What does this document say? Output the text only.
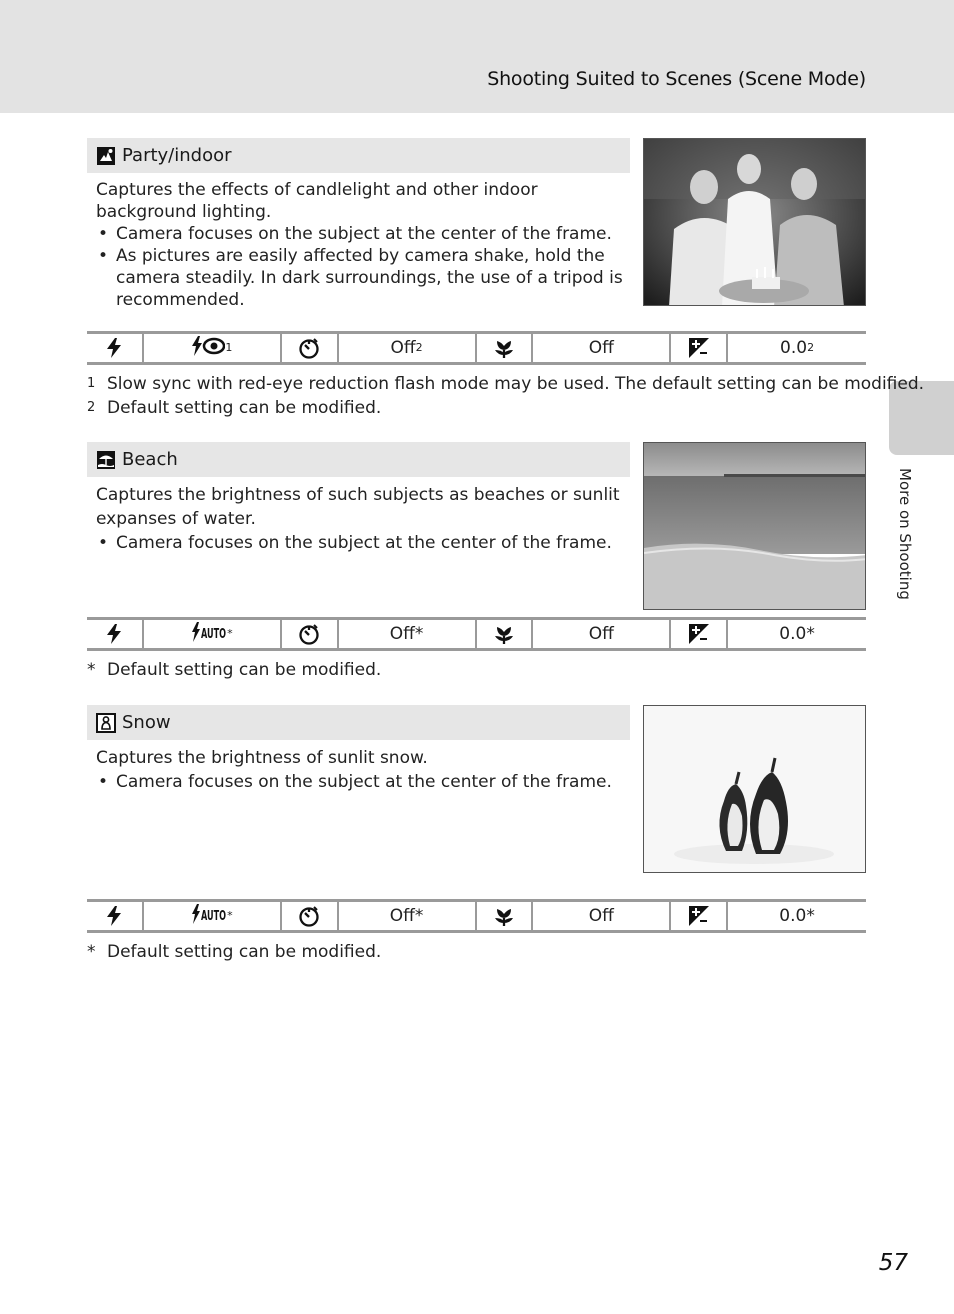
Shooting Suited to Scenes (Scene Mode)
More on Shooting
Party/indoor

Captures the effects of candlelight and other indoor background lighting.

• Camera focuses on the subject at the center of the frame.
• As pictures are easily affected by camera shake, hold the camera steadily. In dark surroundings, the use of a tripod is recommended.
1	Off 2	Off	0.0 2
1 Slow sync with red-eye reduction flash mode may be used. The default setting can be modified.
2 Default setting can be modified.
Beach

Captures the brightness of such subjects as beaches or sunlit expanses of water.

• Camera focuses on the subject at the center of the frame.
AUTO *	Off*	Off	0.0*
* Default setting can be modified.
Snow

Captures the brightness of sunlit snow.

• Camera focuses on the subject at the center of the frame.
AUTO *	Off*	Off	0.0*
* Default setting can be modified.
57
